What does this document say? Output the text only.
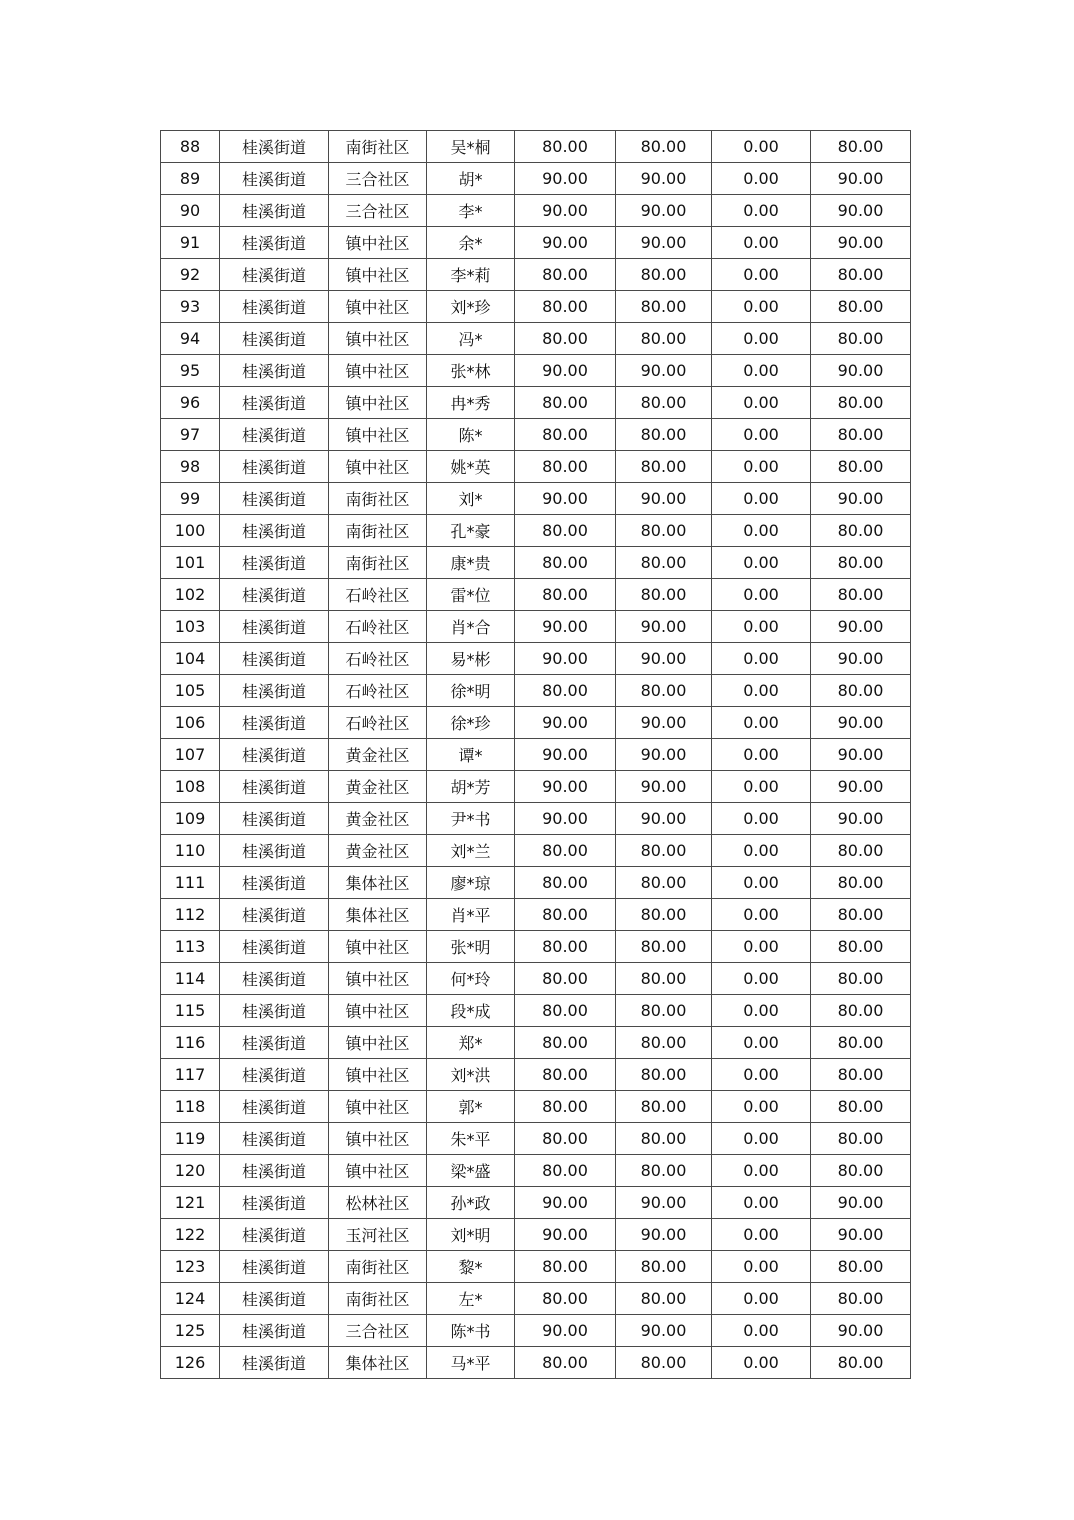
88	桂溪街道	南街社区	吴*桐	80.00	80.00	0.00	80.00
89	桂溪街道	三合社区	胡*	90.00	90.00	0.00	90.00
90	桂溪街道	三合社区	李*	90.00	90.00	0.00	90.00
91	桂溪街道	镇中社区	余*	90.00	90.00	0.00	90.00
92	桂溪街道	镇中社区	李*莉	80.00	80.00	0.00	80.00
93	桂溪街道	镇中社区	刘*珍	80.00	80.00	0.00	80.00
94	桂溪街道	镇中社区	冯*	80.00	80.00	0.00	80.00
95	桂溪街道	镇中社区	张*林	90.00	90.00	0.00	90.00
96	桂溪街道	镇中社区	冉*秀	80.00	80.00	0.00	80.00
97	桂溪街道	镇中社区	陈*	80.00	80.00	0.00	80.00
98	桂溪街道	镇中社区	姚*英	80.00	80.00	0.00	80.00
99	桂溪街道	南街社区	刘*	90.00	90.00	0.00	90.00
100	桂溪街道	南街社区	孔*豪	80.00	80.00	0.00	80.00
101	桂溪街道	南街社区	康*贵	80.00	80.00	0.00	80.00
102	桂溪街道	石岭社区	雷*位	80.00	80.00	0.00	80.00
103	桂溪街道	石岭社区	肖*合	90.00	90.00	0.00	90.00
104	桂溪街道	石岭社区	易*彬	90.00	90.00	0.00	90.00
105	桂溪街道	石岭社区	徐*明	80.00	80.00	0.00	80.00
106	桂溪街道	石岭社区	徐*珍	90.00	90.00	0.00	90.00
107	桂溪街道	黄金社区	谭*	90.00	90.00	0.00	90.00
108	桂溪街道	黄金社区	胡*芳	90.00	90.00	0.00	90.00
109	桂溪街道	黄金社区	尹*书	90.00	90.00	0.00	90.00
110	桂溪街道	黄金社区	刘*兰	80.00	80.00	0.00	80.00
111	桂溪街道	集体社区	廖*琼	80.00	80.00	0.00	80.00
112	桂溪街道	集体社区	肖*平	80.00	80.00	0.00	80.00
113	桂溪街道	镇中社区	张*明	80.00	80.00	0.00	80.00
114	桂溪街道	镇中社区	何*玲	80.00	80.00	0.00	80.00
115	桂溪街道	镇中社区	段*成	80.00	80.00	0.00	80.00
116	桂溪街道	镇中社区	郑*	80.00	80.00	0.00	80.00
117	桂溪街道	镇中社区	刘*洪	80.00	80.00	0.00	80.00
118	桂溪街道	镇中社区	郭*	80.00	80.00	0.00	80.00
119	桂溪街道	镇中社区	朱*平	80.00	80.00	0.00	80.00
120	桂溪街道	镇中社区	梁*盛	80.00	80.00	0.00	80.00
121	桂溪街道	松林社区	孙*政	90.00	90.00	0.00	90.00
122	桂溪街道	玉河社区	刘*明	90.00	90.00	0.00	90.00
123	桂溪街道	南街社区	黎*	80.00	80.00	0.00	80.00
124	桂溪街道	南街社区	左*	80.00	80.00	0.00	80.00
125	桂溪街道	三合社区	陈*书	90.00	90.00	0.00	90.00
126	桂溪街道	集体社区	马*平	80.00	80.00	0.00	80.00
